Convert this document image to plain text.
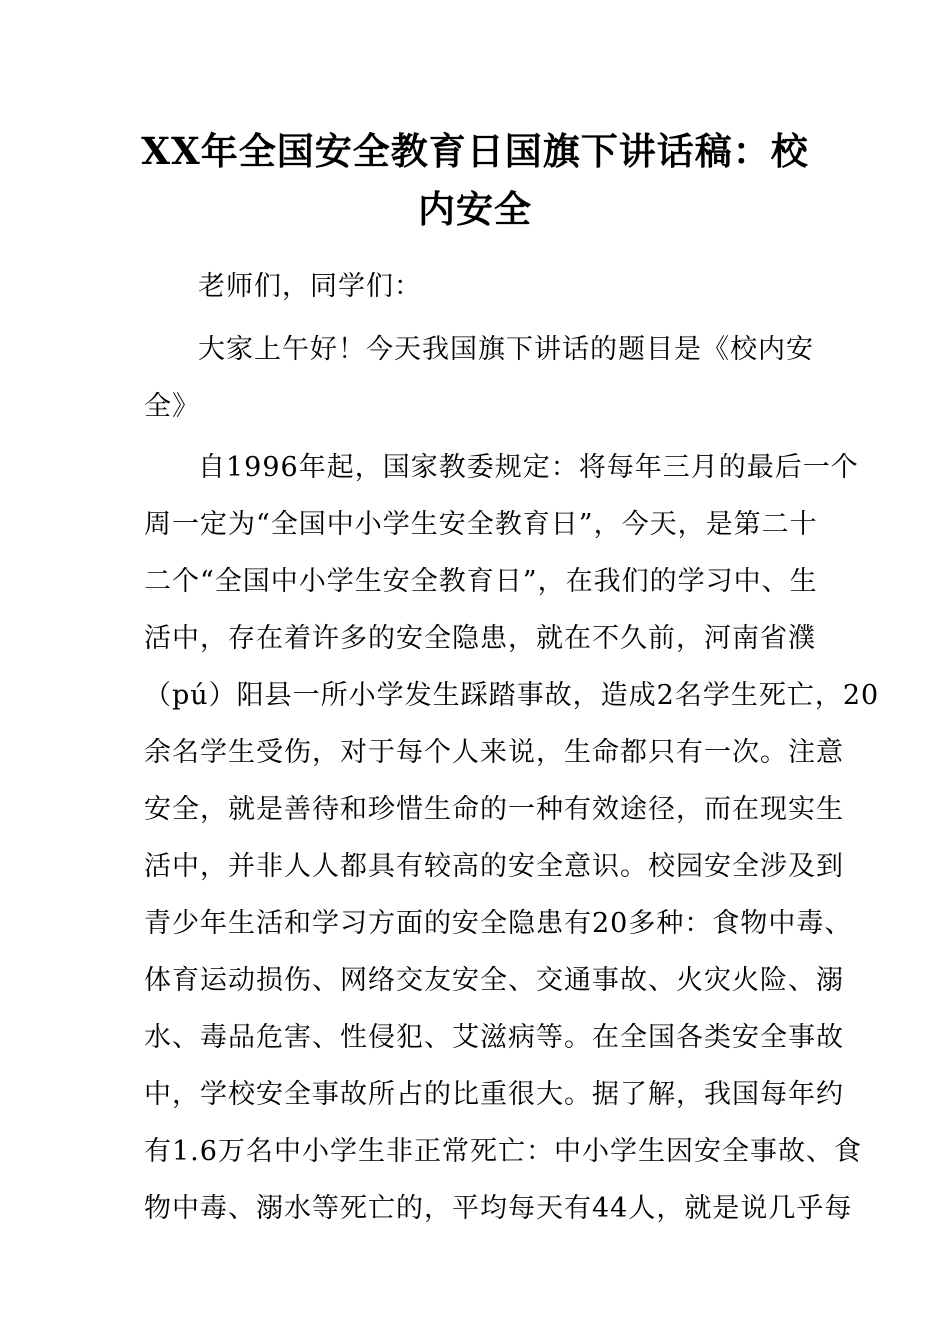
XX年全国安全教育日国旗下讲话稿：校
内安全

老师们，同学们：

大家上午好！今天我国旗下讲话的题目是《校内安
全》

自1996年起，国家教委规定：将每年三月的最后一个
周一定为“全国中小学生安全教育日”，今天，是第二十
二个“全国中小学生安全教育日”，在我们的学习中、生
活中，存在着许多的安全隐患，就在不久前，河南省濮
（pú）阳县一所小学发生踩踏事故，造成2名学生死亡，20
余名学生受伤，对于每个人来说，生命都只有一次。注意
安全，就是善待和珍惜生命的一种有效途径，而在现实生
活中，并非人人都具有较高的安全意识。校园安全涉及到
青少年生活和学习方面的安全隐患有20多种：食物中毒、
体育运动损伤、网络交友安全、交通事故、火灾火险、溺
水、毒品危害、性侵犯、艾滋病等。在全国各类安全事故
中，学校安全事故所占的比重很大。据了解，我国每年约
有1.6万名中小学生非正常死亡：中小学生因安全事故、食
物中毒、溺水等死亡的，平均每天有44人，就是说几乎每
